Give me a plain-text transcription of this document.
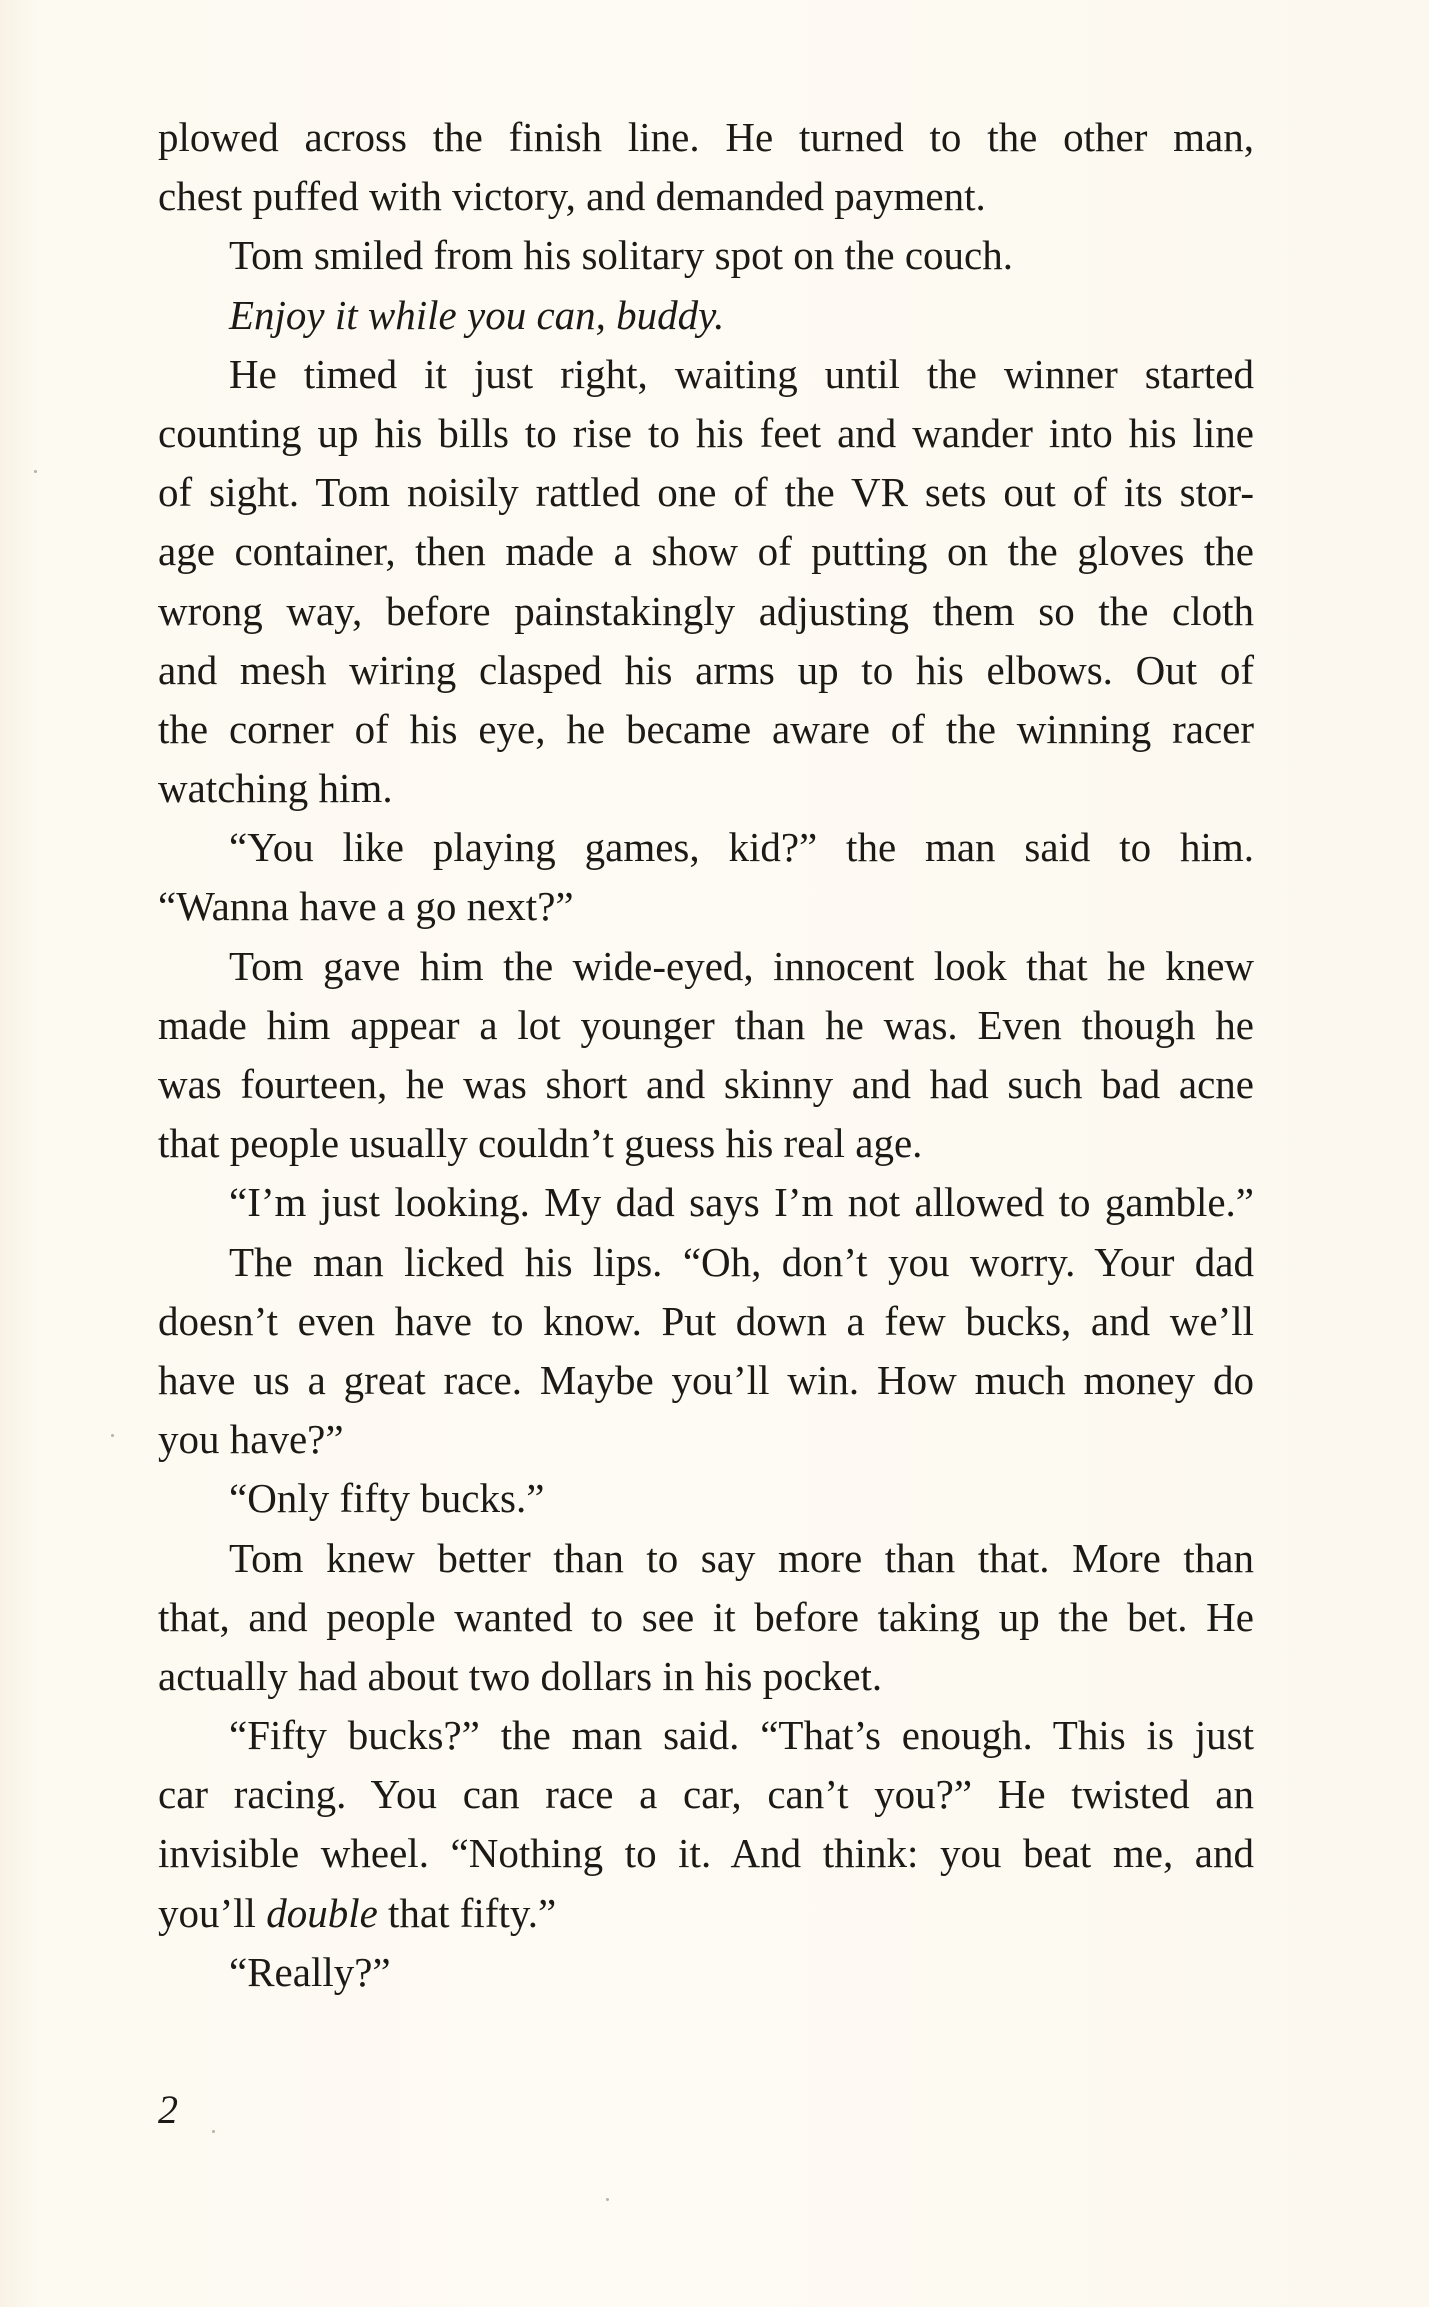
plowed across the finish line. He turned to the other man,
chest puffed with victory, and demanded payment.
Tom smiled from his solitary spot on the couch.
Enjoy it while you can, buddy.
He timed it just right, waiting until the winner started
counting up his bills to rise to his feet and wander into his line
of sight. Tom noisily rattled one of the VR sets out of its stor-
age container, then made a show of putting on the gloves the
wrong way, before painstakingly adjusting them so the cloth
and mesh wiring clasped his arms up to his elbows. Out of
the corner of his eye, he became aware of the winning racer
watching him.
“You like playing games, kid?” the man said to him.
“Wanna have a go next?”
Tom gave him the wide-eyed, innocent look that he knew
made him appear a lot younger than he was. Even though he
was fourteen, he was short and skinny and had such bad acne
that people usually couldn’t guess his real age.
“I’m just looking. My dad says I’m not allowed to gamble.”
The man licked his lips. “Oh, don’t you worry. Your dad
doesn’t even have to know. Put down a few bucks, and we’ll
have us a great race. Maybe you’ll win. How much money do
you have?”
“Only fifty bucks.”
Tom knew better than to say more than that. More than
that, and people wanted to see it before taking up the bet. He
actually had about two dollars in his pocket.
“Fifty bucks?” the man said. “That’s enough. This is just
car racing. You can race a car, can’t you?” He twisted an
invisible wheel. “Nothing to it. And think: you beat me, and
you’ll double that fifty.”
“Really?”
2
